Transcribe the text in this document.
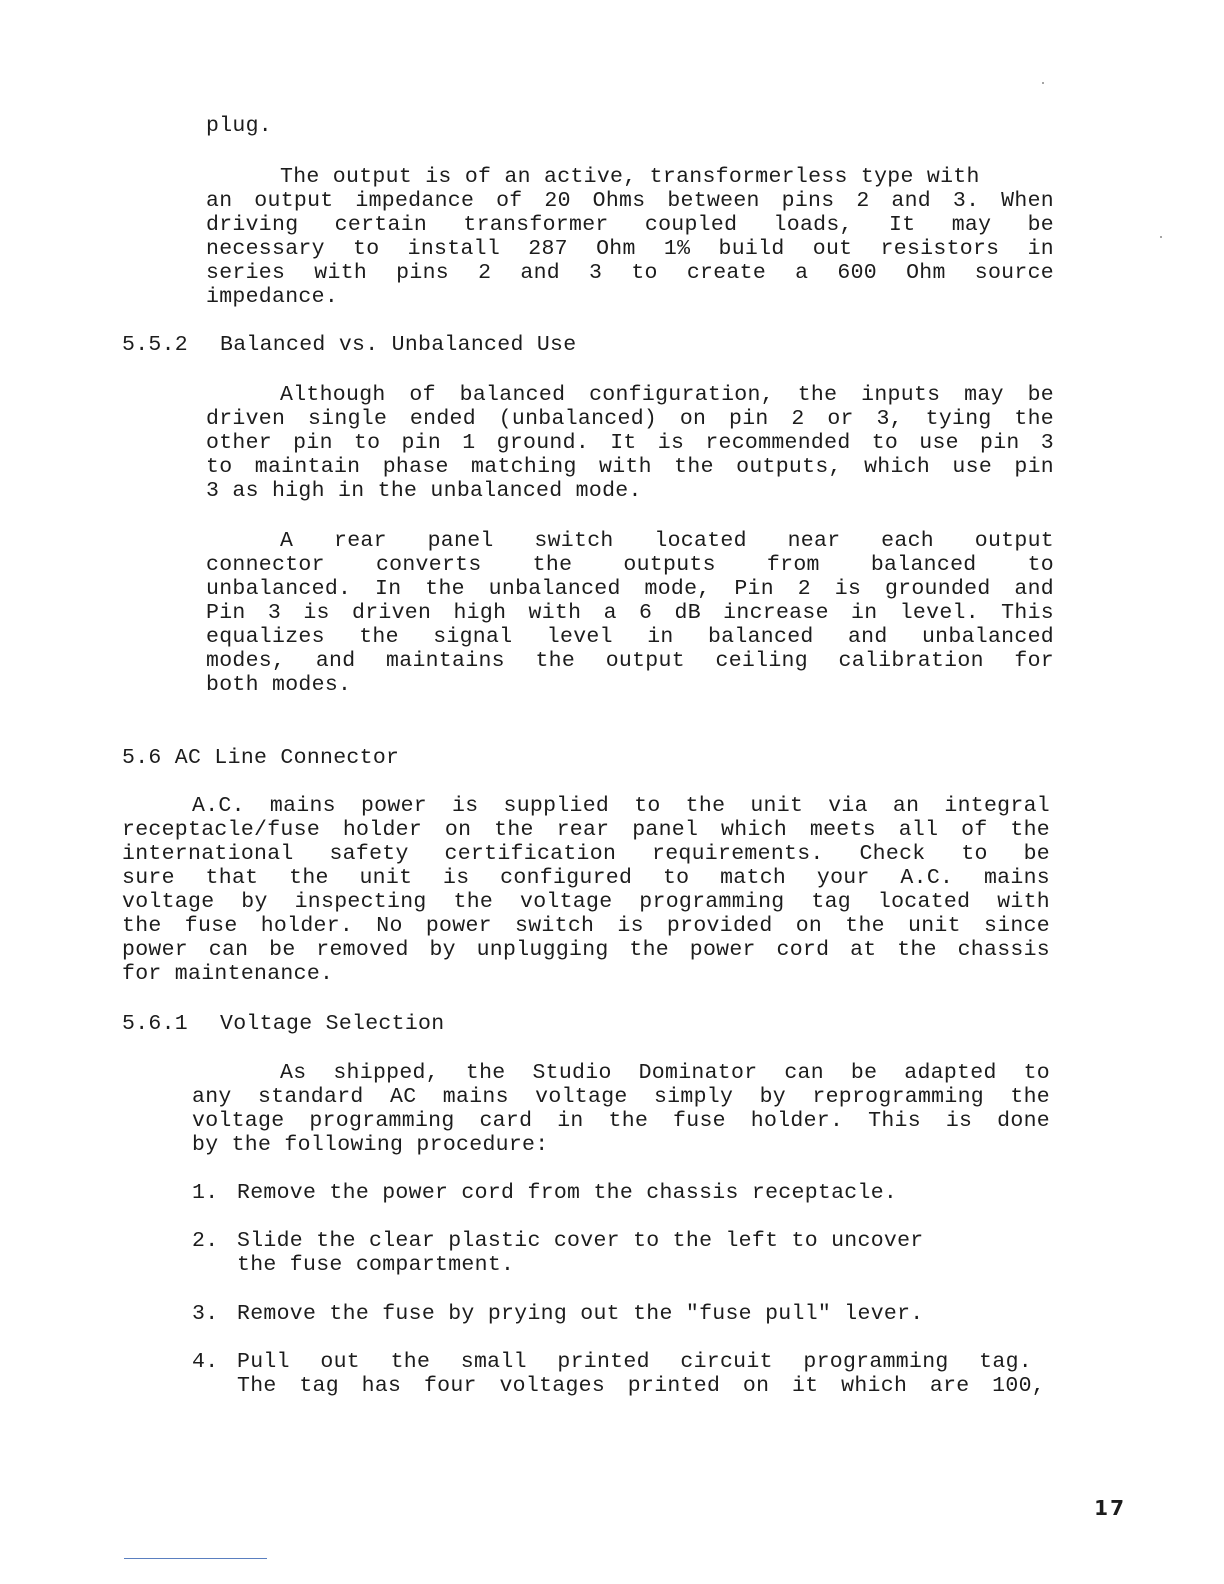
plug.
The output is of an active, transformerless type with
an output impedance of 20 Ohms between pins 2 and 3. When
driving certain transformer coupled loads, It may be
necessary to install 287 Ohm 1% build out resistors in
series with pins 2 and 3 to create a 600 Ohm source
impedance.
5.5.2 Balanced vs. Unbalanced Use
Although of balanced configuration, the inputs may be
driven single ended (unbalanced) on pin 2 or 3, tying the
other pin to pin 1 ground. It is recommended to use pin 3
to maintain phase matching with the outputs, which use pin
3 as high in the unbalanced mode.
A rear panel switch located near each output
connector converts the outputs from balanced to
unbalanced. In the unbalanced mode, Pin 2 is grounded and
Pin 3 is driven high with a 6 dB increase in level. This
equalizes the signal level in balanced and unbalanced
modes, and maintains the output ceiling calibration for
both modes.
5.6 AC Line Connector
A.C. mains power is supplied to the unit via an integral
receptacle/fuse holder on the rear panel which meets all of the
international safety certification requirements. Check to be
sure that the unit is configured to match your A.C. mains
voltage by inspecting the voltage programming tag located with
the fuse holder. No power switch is provided on the unit since
power can be removed by unplugging the power cord at the chassis
for maintenance.
5.6.1 Voltage Selection
As shipped, the Studio Dominator can be adapted to
any standard AC mains voltage simply by reprogramming the
voltage programming card in the fuse holder. This is done
by the following procedure:
1. Remove the power cord from the chassis receptacle.
2. Slide the clear plastic cover to the left to uncover
the fuse compartment.
3. Remove the fuse by prying out the "fuse pull" lever.
4. Pull out the small printed circuit programming tag.
The tag has four voltages printed on it which are 100,
17
